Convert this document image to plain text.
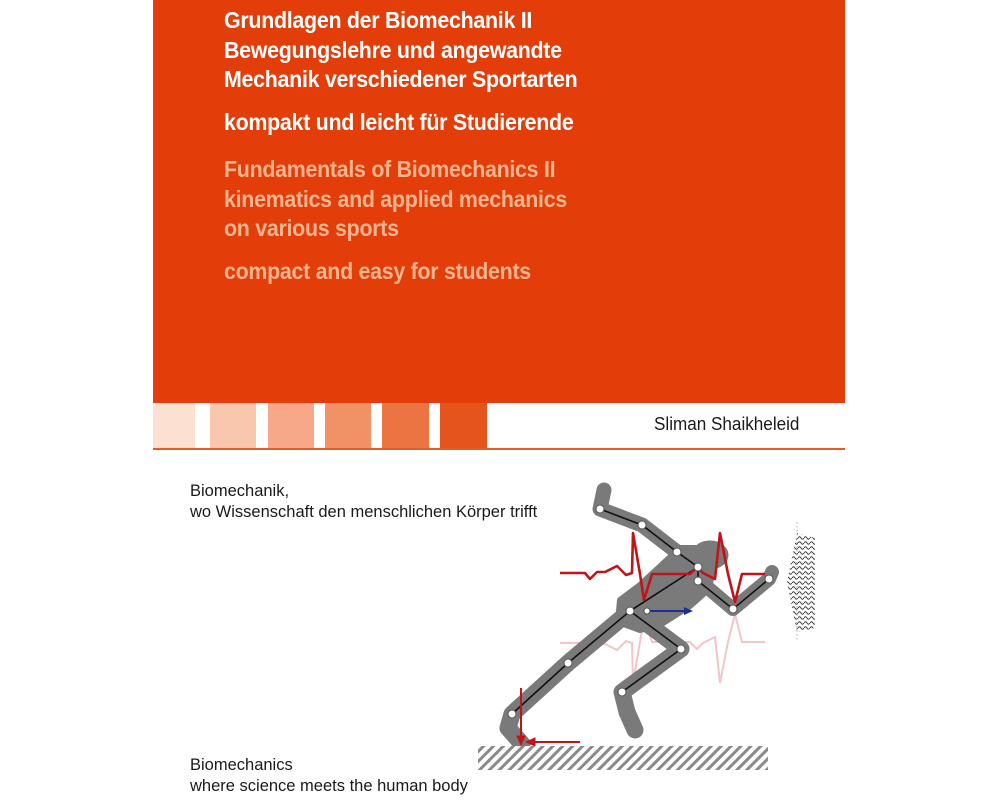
Grundlagen der Biomechanik II
Bewegungslehre und angewandte
Mechanik verschiedener Sportarten
kompakt und leicht für Studierende
Fundamentals of Biomechanics II
kinematics and applied mechanics
on various sports
compact and easy for students
Sliman Shaikheleid
Biomechanik,
wo Wissenschaft den menschlichen Körper trifft
Biomechanics
where science meets the human body
